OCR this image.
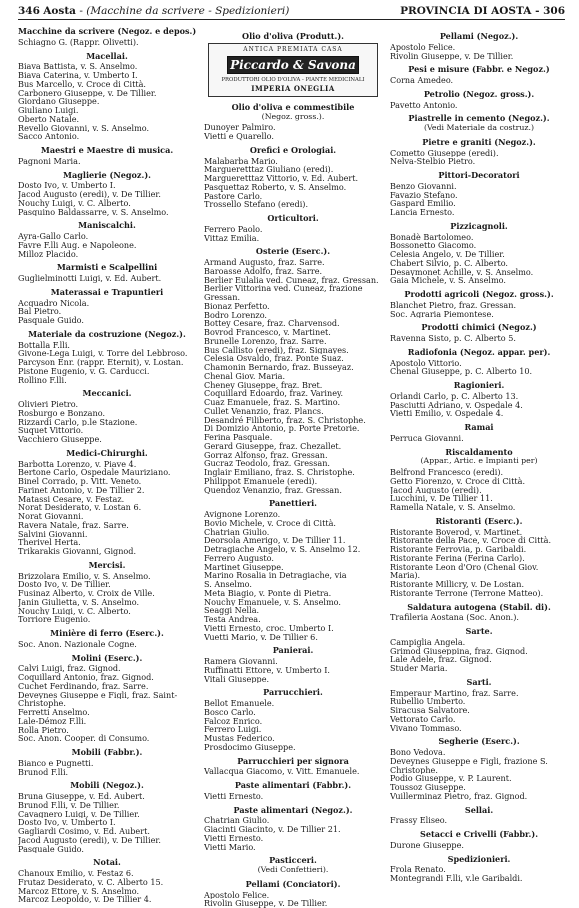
346 Aosta - (Macchine da scrivere - Spedizionieri)	PROVINCIA DI AOSTA - 306
Macchine da scrivere (Negoz. e depos.)
Schiagno G. (Rappr. Olivetti).
Macellai.
Biava Battista, v. S. Anselmo.
Biava Caterina, v. Umberto I.
Bus Marcello, v. Croce di Città.
Carbonero Giuseppe, v. De Tillier.
Giordano Giuseppe.
Giuliano Luigi.
Oberto Natale.
Revello Giovanni, v. S. Anselmo.
Sacco Antonio.
Maestri e Maestre di musica.
Pagnoni Maria.
Maglierie (Negoz.).
Dosto Ivo, v. Umberto I.
Jacod Augusto (eredi), v. De Tillier.
Nouchy Luigi, v. C. Alberto.
Pasquino Baldassarre, v. S. Anselmo.
Maniscalchi.
Ayra-Gallo Carlo.
Favre F.lli Aug. e Napoleone.
Milloz Placido.
Marmisti e Scalpellini
Guglielminotti Luigi, v. Ed. Aubert.
Materassai e Trapuntieri
Acquadro Nicola.
Bal Pietro.
Pasquale Guido.
Materiale da costruzione (Negoz.).
Bottalla F.lli.
Givone-Lega Luigi, v. Torre del Lebbroso.
Parcyson Enr. (rappr. Eternit), v. Lostan.
Pistone Eugenio, v. G. Carducci.
Rollino F.lli.
Meccanici.
Olivieri Pietro.
Rosburgo e Bonzano.
Rizzardi Carlo, p.le Stazione.
Suquet Vittorio.
Vacchiero Giuseppe.
Medici-Chirurghi.
Barbotta Lorenzo, v. Piave 4.
Bertone Carlo, Ospedale Mauriziano.
Binel Corrado, p. Vitt. Veneto.
Farinet Antonio, v. De Tillier 2.
Matassi Cesare, v. Festaz.
Norat Desiderato, v. Lostan 6.
Norat Giovanni.
Ravera Natale, fraz. Sarre.
Salvini Giovanni.
Therivel Herta.
Trikarakis Giovanni, Gignod.
Mercisi.
Brizzolara Emilio, v. S. Anselmo.
Dosto Ivo, v. De Tillier.
Fusinaz Alberto, v. Croix de Ville.
Janin Giulietta, v. S. Anselmo.
Nouchy Luigi, v. C. Alberto.
Torriore Eugenio.
Minière di ferro (Eserc.).
Soc. Anon. Nazionale Cogne.
Molini (Eserc.).
Calvi Luigi, fraz. Gignod.
Coquillard Antonio, fraz. Gignod.
Cuchet Ferdinando, fraz. Sarre.
Deveynes Giuseppe e Figli, fraz. Saint-
Christophe.
Ferretti Anselmo.
Lale-Démoz F.lli.
Rolla Pietro.
Soc. Anon. Cooper. di Consumo.
Mobili (Fabbr.).
Bianco e Pugnetti.
Brunod F.lli.
Mobili (Negoz.).
Bruna Giuseppe, v. Ed. Aubert.
Brunod F.lli, v. De Tillier.
Cavagnero Luigi, v. De Tillier.
Dosto Ivo, v. Umberto I.
Gagliardi Cosimo, v. Ed. Aubert.
Jacod Augusto (eredi), v. De Tillier.
Pasquale Guido.
Notai.
Chanoux Emilio, v. Festaz 6.
Frutaz Desiderato, v. C. Alberto 15.
Marcoz Ettore, v. S. Anselmo.
Marcoz Leopoldo, v. De Tillier 4.
Olio d'oliva (Produtt.).
ANTICA PREMIATA CASA
Piccardo & Savona
PRODUTTORI OLIO D'OLIVA - PIANTE MEDICINALI
IMPERIA ONEGLIA
Olio d'oliva e commestibile
(Negoz. gross.).
Dunoyer Palmiro.
Vietti e Quarello.
Orefici e Orologiai.
Malabarba Mario.
Margueretttaz Giuliano (eredi).
Margueretttaz Vittorio, v. Ed. Aubert.
Pasquettaz Roberto, v. S. Anselmo.
Pastore Carlo.
Trossello Stefano (eredi).
Orticultori.
Ferrero Paolo.
Vittaz Emilia.
Osterie (Eserc.).
Armand Augusto, fraz. Sarre.
Baroasse Adolfo, fraz. Sarre.
Berlier Eulalia ved. Cuneaz, fraz. Gressan.
Berlier Vittorina ved. Cuneaz, frazione
Gressan.
Bionaz Perfetto.
Bodro Lorenzo.
Bottey Cesare, fraz. Charvensod.
Bovrod Francesco, v. Martinet.
Brunelle Lorenzo, fraz. Sarre.
Bus Callisto (eredi), fraz. Signayes.
Celesia Osvaldo, fraz. Ponte Suaz.
Chamonin Bernardo, fraz. Busseyaz.
Chenal Giov. Maria.
Cheney Giuseppe, fraz. Bret.
Coquillard Edoardo, fraz. Variney.
Cuaz Emanuele, fraz. S. Martino.
Cullet Venanzio, fraz. Plancs.
Desandré Filiberto, fraz. S. Christophe.
Di Domizio Antonio, p. Porte Pretorie.
Ferina Pasquale.
Gerard Giuseppe, fraz. Chezallet.
Gorraz Alfonso, fraz. Gressan.
Gucraz Teodolo, fraz. Gressan.
Inglair Emiliano, fraz. S. Christophe.
Philippot Emanuele (eredi).
Quendoz Venanzio, fraz. Gressan.
Panettieri.
Avignone Lorenzo.
Bovio Michele, v. Croce di Città.
Chatrian Giulio.
Deorsola Amerigo, v. De Tillier 11.
Detragiache Angelo, v. S. Anselmo 12.
Ferrero Augusto.
Martinet Giuseppe.
Marino Rosalia in Detragiache, via
S. Anselmo.
Meta Biagio, v. Ponte di Pietra.
Nouchy Emanuele, v. S. Anselmo.
Seaggi Nella.
Testa Andrea.
Vietti Ernesto, croc. Umberto I.
Vuetti Mario, v. De Tillier 6.
Panierai.
Ramera Giovanni.
Ruffinatti Ettore, v. Umberto I.
Vitali Giuseppe.
Parrucchieri.
Bellot Emanuele.
Bosco Carlo.
Falcoz Enrico.
Ferrero Luigi.
Mustas Federico.
Prosdocimo Giuseppe.
Parrucchieri per signora
Vallacqua Giacomo, v. Vitt. Emanuele.
Paste alimentari (Fabbr.).
Vietti Ernesto.
Paste alimentari (Negoz.).
Chatrian Giulio.
Giacinti Giacinto, v. De Tillier 21.
Vietti Ernesto.
Vietti Mario.
Pasticceri.
(Vedi Confettieri).
Pellami (Conciatori).
Apostolo Felice.
Rivolin Giuseppe, v. De Tillier.
Pellami (Negoz.).
Apostolo Felice.
Rivolin Giuseppe, v. De Tillier.
Pesi e misure (Fabbr. e Negoz.)
Corna Amedeo.
Petrolio (Negoz. gross.).
Pavetto Antonio.
Piastrelle in cemento (Negoz.).
(Vedi Materiale da costruz.)
Pietre e graniti (Negoz.).
Cometto Giuseppe (eredi).
Nelva-Stelbio Pietro.
Pittori-Decoratori
Benzo Giovanni.
Favazio Stefano.
Gaspard Emilio.
Lancia Ernesto.
Pizzicagnoli.
Bonadè Bartolomeo.
Bossonetto Giacomo.
Celesia Angelo, v. De Tillier.
Chabert Silvio, p. C. Alberto.
Desaymonet Achille, v. S. Anselmo.
Gaia Michele, v. S. Anselmo.
Prodotti agricoli (Negoz. gross.).
Blanchet Pietro, fraz. Gressan.
Soc. Agraria Piemontese.
Prodotti chimici (Negoz.)
Ravenna Sisto, p. C. Alberto 5.
Radiofonia (Negoz. appar. per).
Apostolo Vittorio.
Chenal Giuseppe, p. C. Alberto 10.
Ragionieri.
Orlandi Carlo, p. C. Alberto 13.
Pasciutti Adriano, v. Ospedale 4.
Vietti Emilio, v. Ospedale 4.
Ramai
Perruca Giovanni.
Riscaldamento
(Appar., Artic. e Impianti per)
Belfrond Francesco (eredi).
Getto Fiorenzo, v. Croce di Città.
Jacod Augusto (eredi).
Lucchini, v. De Tillier 11.
Ramella Natale, v. S. Anselmo.
Ristoranti (Eserc.).
Ristorante Boverod, v. Martinet.
Ristorante della Pace, v. Croce di Città.
Ristorante Ferrovia, p. Garibaldi.
Ristorante Ferina (Ferina Carlo).
Ristorante Leon d'Oro (Chenal Giov.
Maria).
Ristorante Millicry, v. De Lostan.
Ristorante Terrone (Terrone Matteo).
Saldatura autogena (Stabil. di).
Trafileria Aostana (Soc. Anon.).
Sarte.
Campiglia Angela.
Grimod Giuseppina, fraz. Gignod.
Lale Adele, fraz. Gignod.
Studer Maria.
Sarti.
Emperaur Martino, fraz. Sarre.
Rubellio Umberto.
Siracusa Salvatore.
Vettorato Carlo.
Vivano Tommaso.
Segherie (Eserc.).
Bono Vedova.
Deveynes Giuseppe e Figli, frazione S.
Christophe.
Podio Giuseppe, v. P. Laurent.
Toussoz Giuseppe.
Vuillerminaz Pietro, fraz. Gignod.
Sellai.
Frassy Eliseo.
Setacci e Crivelli (Fabbr.).
Durone Giuseppe.
Spedizionieri.
Frola Renato.
Montegrandi F.lli, v.le Garibaldi.
